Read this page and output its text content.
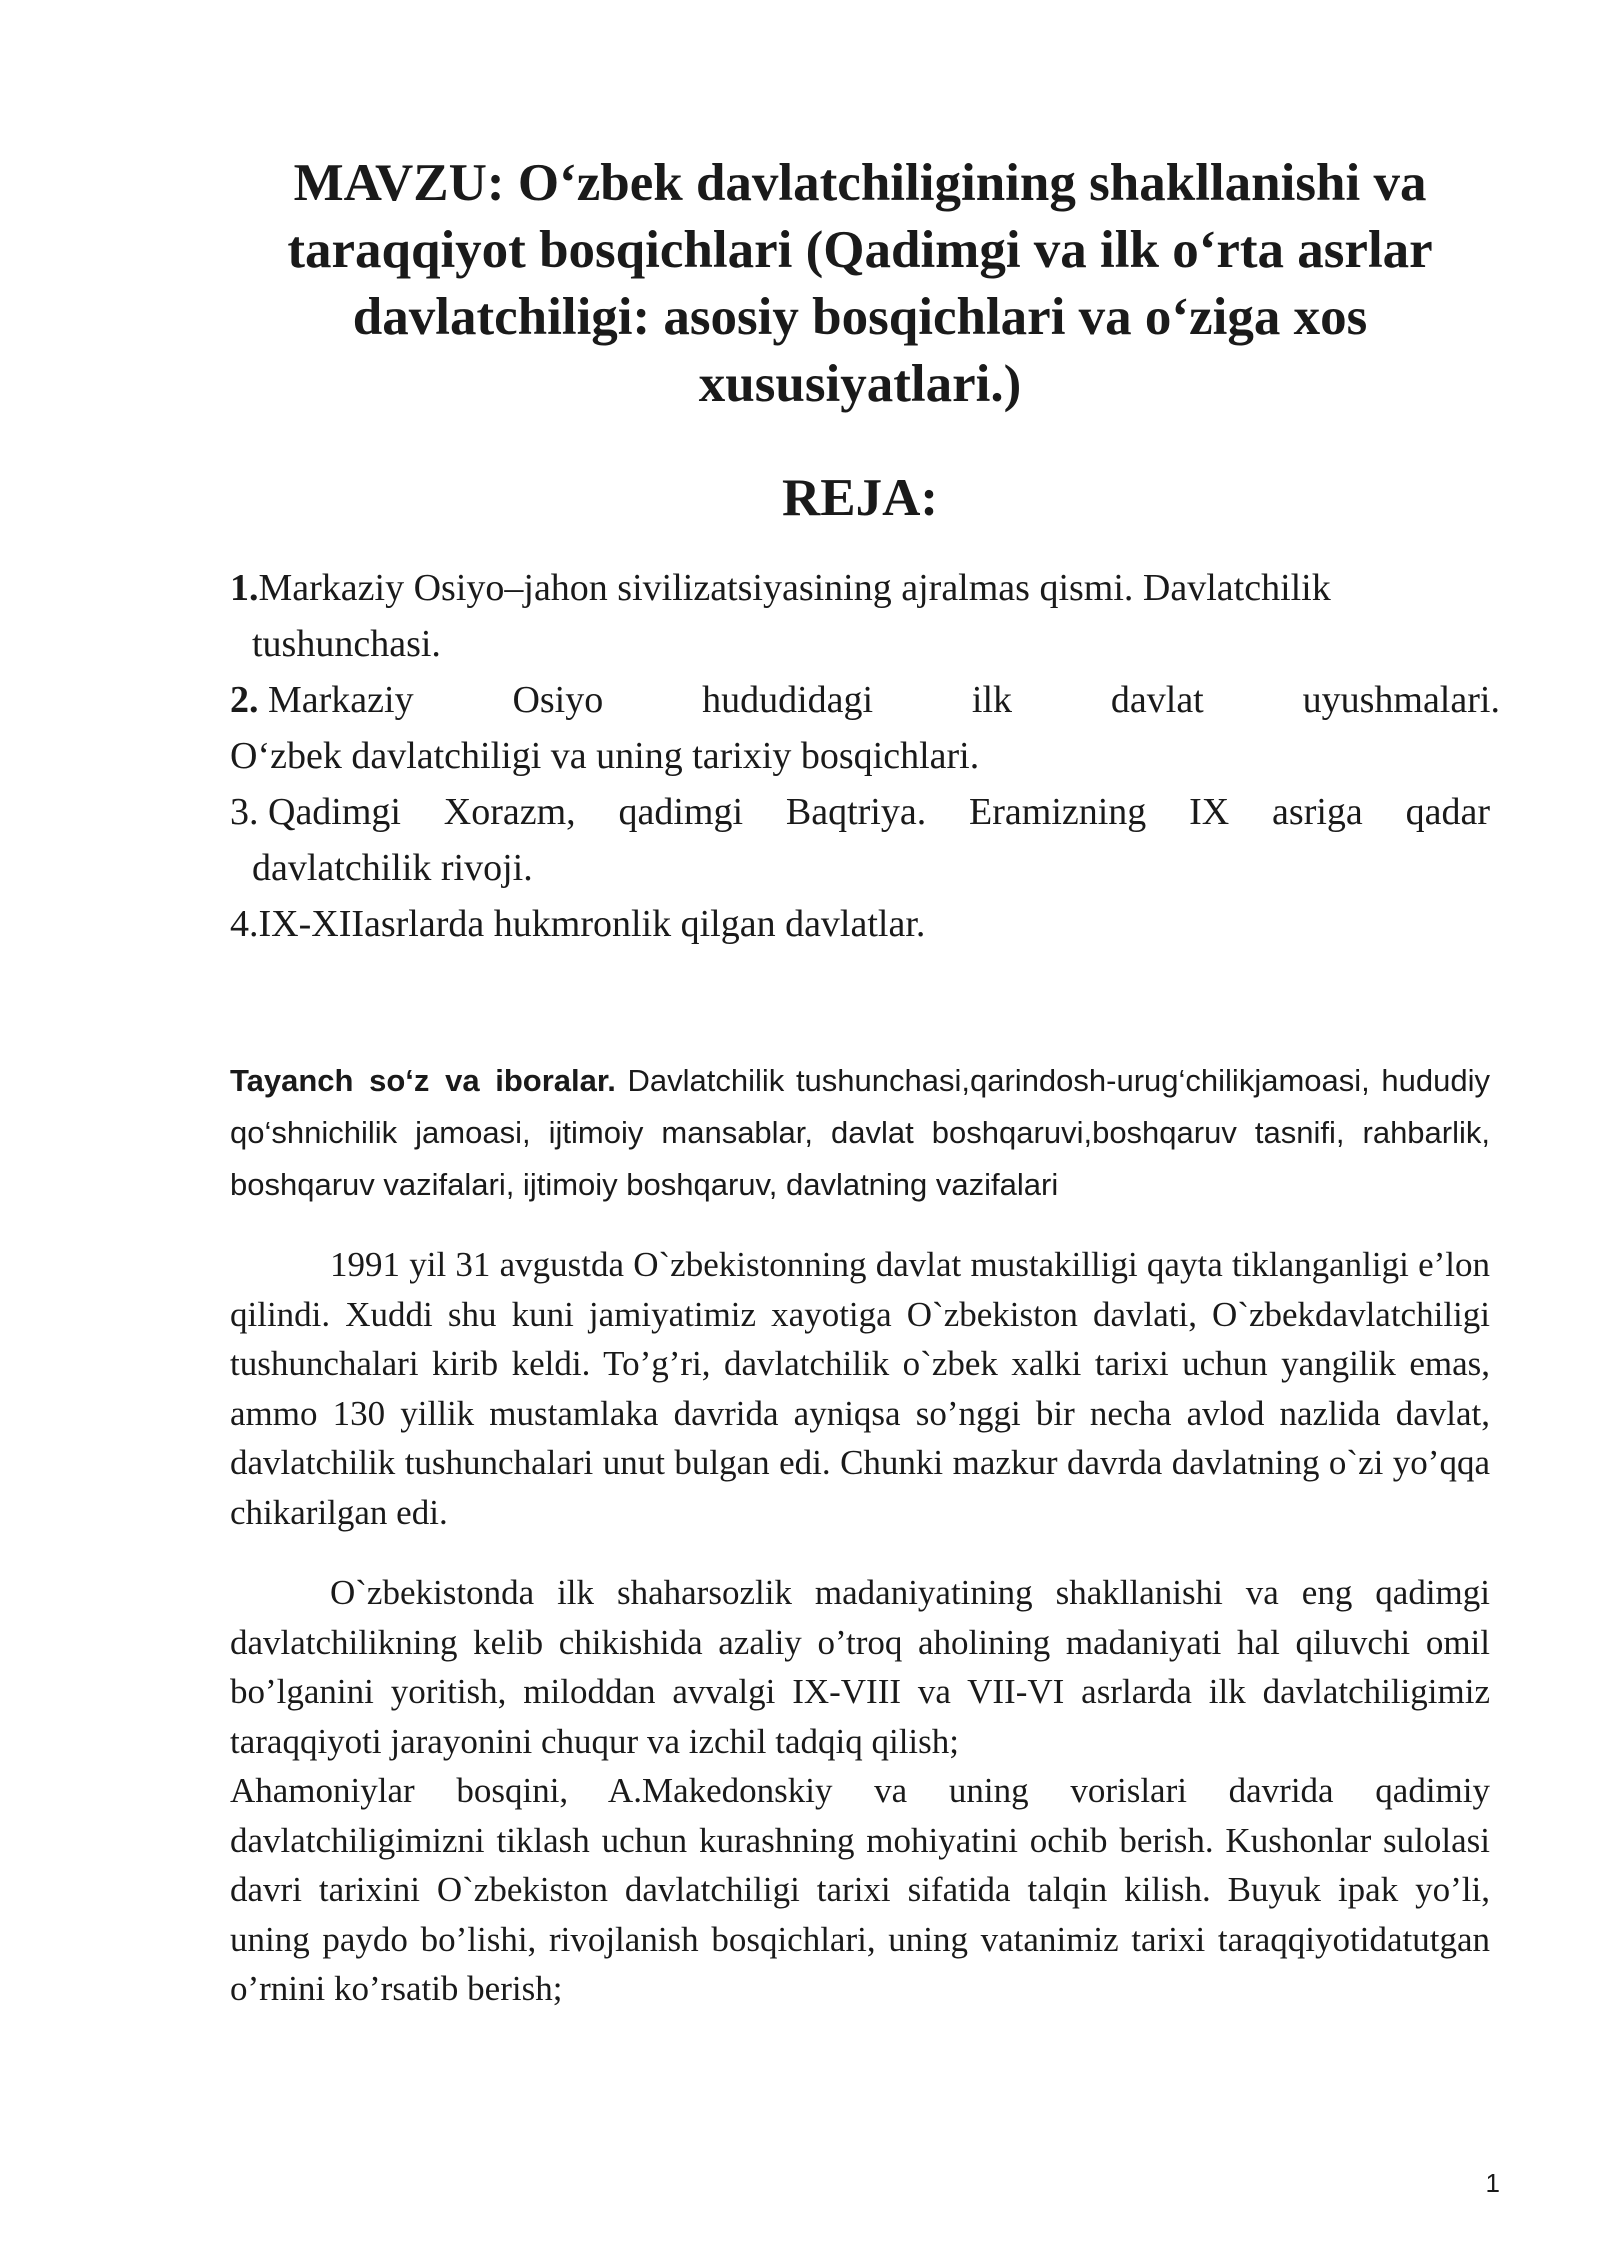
MAVZU: O‘zbek davlatchiligining shakllanishi va taraqqiyot bosqichlari (Qadimgi va ilk o‘rta asrlar davlatchiligi: asosiy bosqichlari va o‘ziga xos xususiyatlari.)
REJA:
1.Markaziy Osiyo–jahon sivilizatsiyasining ajralmas qismi. Davlatchilik
tushunchasi.
2. Markaziy	Osiyo	hududidagi	ilk	davlat	uyushmalari.
O‘zbek davlatchiligi va uning tarixiy bosqichlari.
3. Qadimgi Xorazm, qadimgi Baqtriya. Eramizning IX asriga qadar
davlatchilik rivoji.
4.IX-XIIasrlarda hukmronlik qilgan davlatlar.

Tayanch so‘z va iboralar. Davlatchilik tushunchasi,qarindosh-urug‘chilikjamoasi, hududiy qo‘shnichilik jamoasi, ijtimoiy mansablar, davlat boshqaruvi,boshqaruv tasnifi, rahbarlik, boshqaruv vazifalari, ijtimoiy boshqaruv, davlatning vazifalari

1991 yil 31 avgustda O`zbekistonning davlat mustakilligi qayta tiklanganligi e’lon qilindi. Xuddi shu kuni jamiyatimiz xayotiga O`zbekiston davlati, O`zbekdavlatchiligi tushunchalari kirib keldi. To’g’ri, davlatchilik o`zbek xalki tarixi uchun yangilik emas, ammo 130 yillik mustamlaka davrida ayniqsa so’nggi bir necha avlod nazlida davlat, davlatchilik tushunchalari unut bulgan edi. Chunki mazkur davrda davlatning o`zi yo’qqa chikarilgan edi.

O`zbekistonda ilk shaharsozlik madaniyatining shakllanishi va eng qadimgi davlatchilikning kelib chikishida azaliy o’troq aholining madaniyati hal qiluvchi omil bo’lganini yoritish, miloddan avvalgi IX-VIII va VII-VI asrlarda ilk davlatchiligimiz taraqqiyoti jarayonini chuqur va izchil tadqiq qilish;

Ahamoniylar bosqini, A.Makedonskiy va uning vorislari davrida qadimiy davlatchiligimizni tiklash uchun kurashning mohiyatini ochib berish. Kushonlar sulolasi davri tarixini O`zbekiston davlatchiligi tarixi sifatida talqin kilish. Buyuk ipak yo’li, uning paydo bo’lishi, rivojlanish bosqichlari, uning vatanimiz tarixi taraqqiyotidatutgan o’rnini ko’rsatib berish;

1
